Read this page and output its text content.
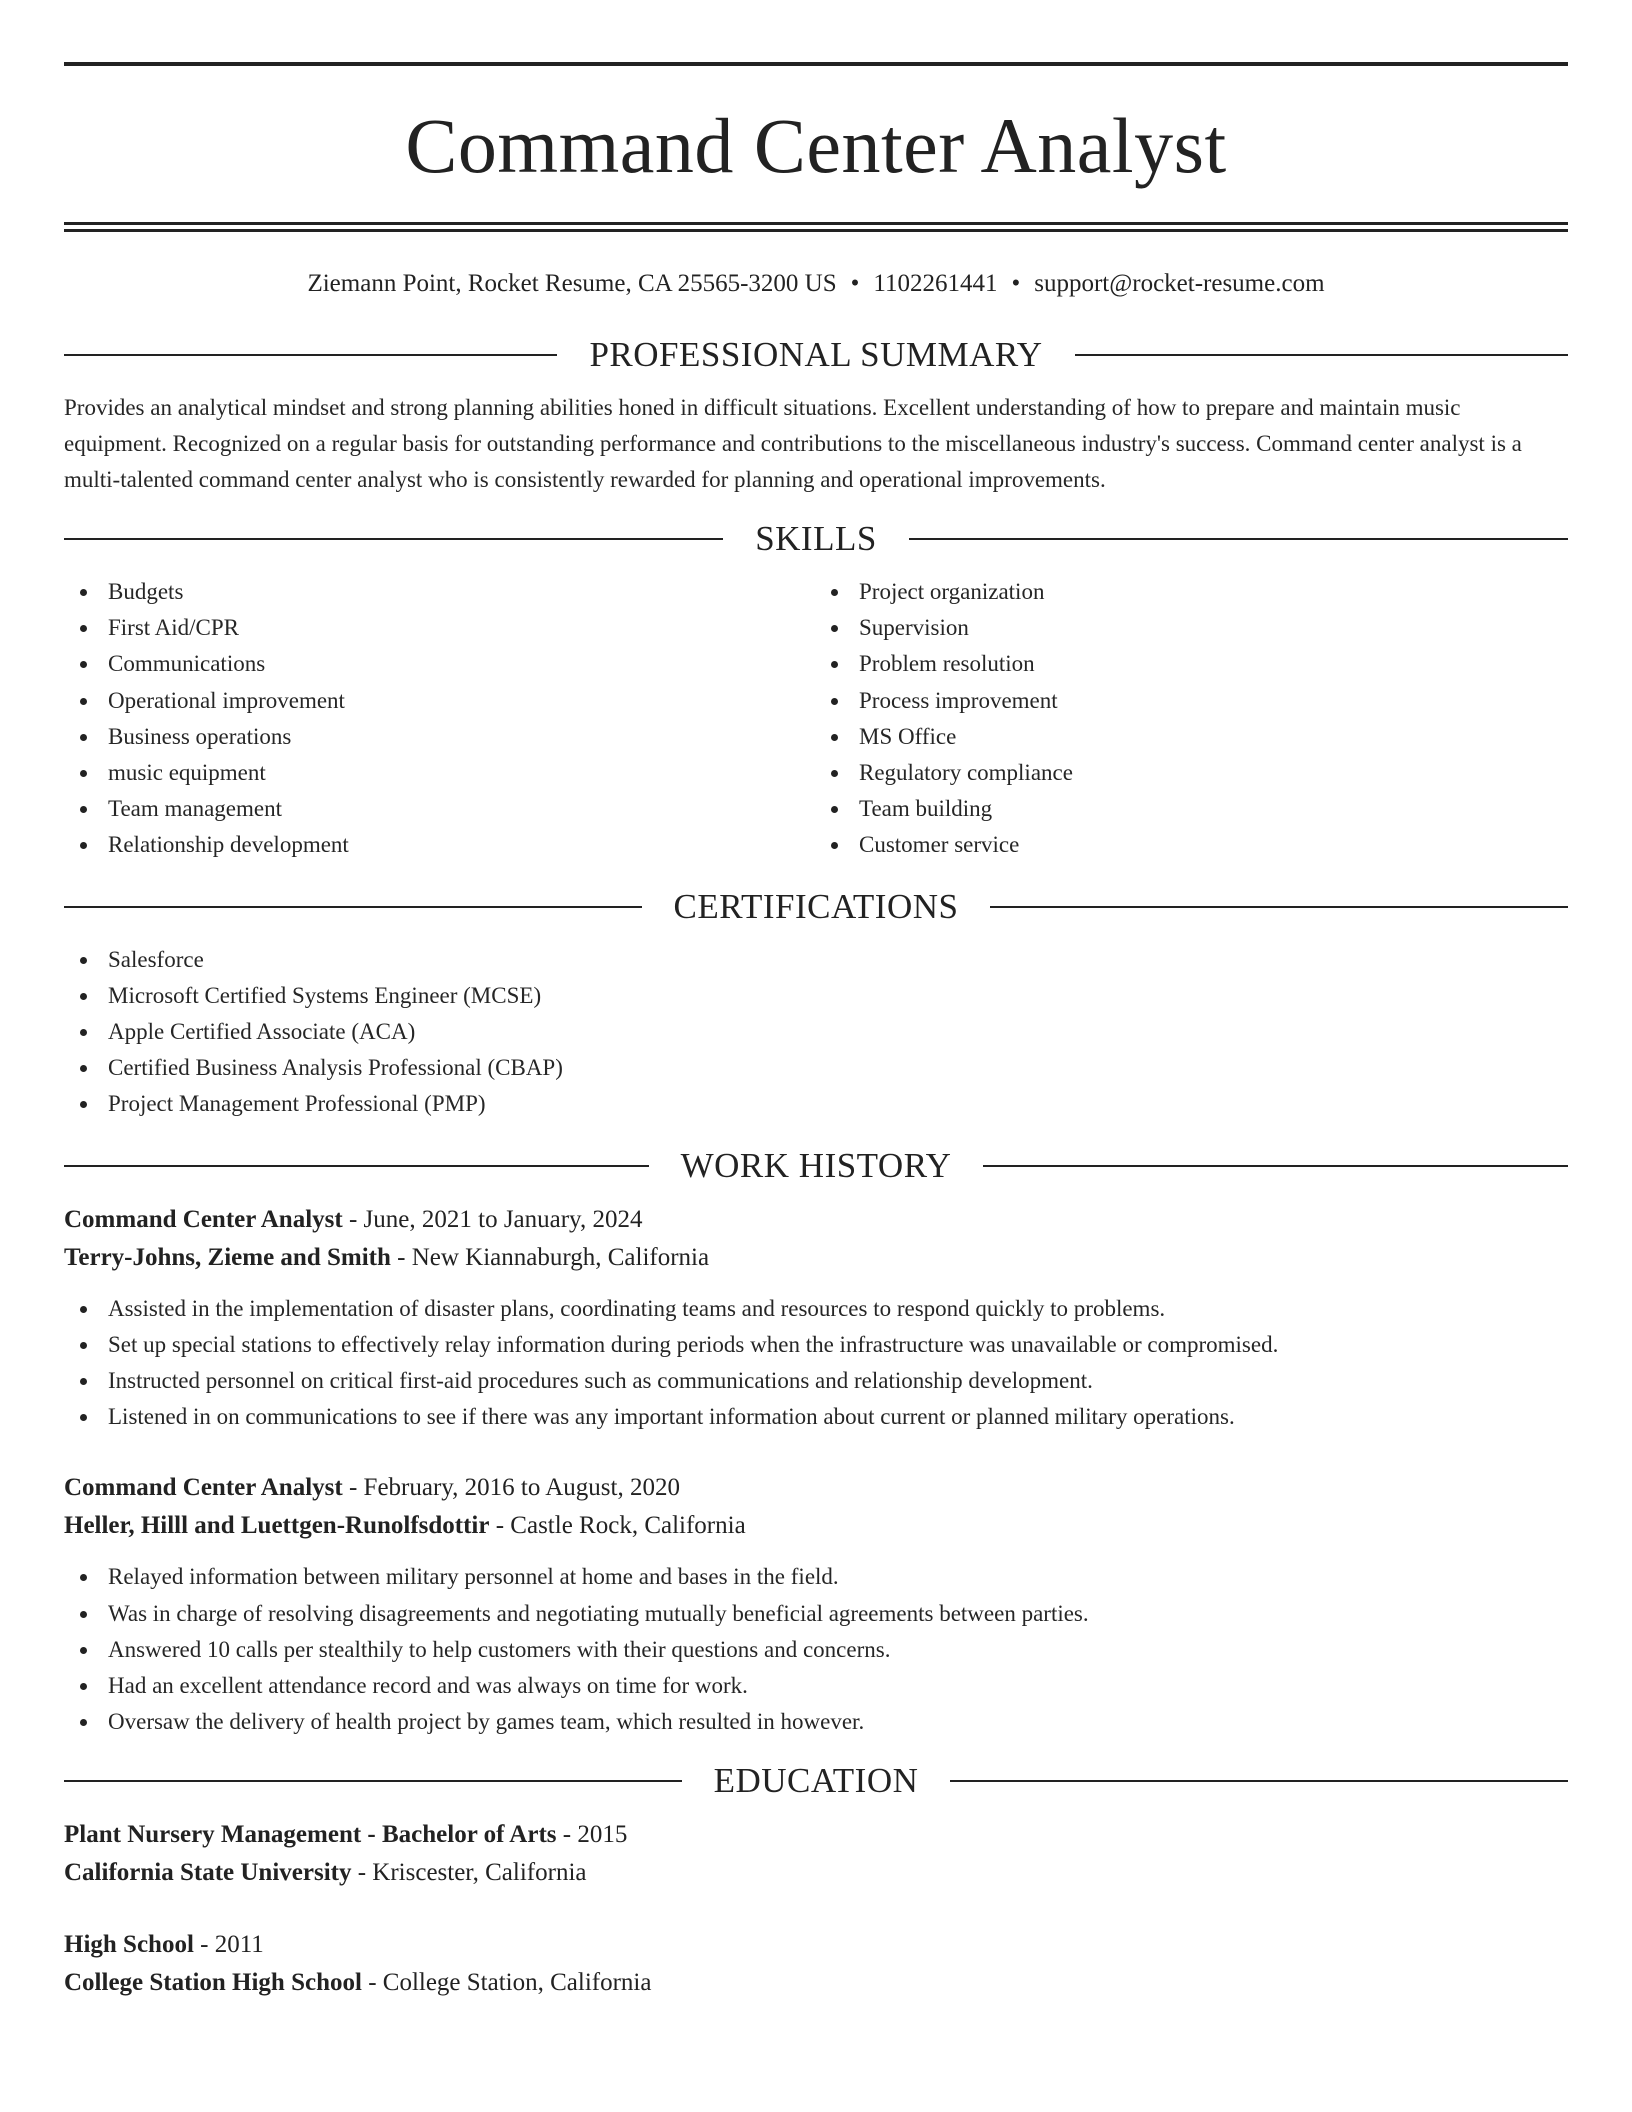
Command Center Analyst
Ziemann Point, Rocket Resume, CA 25565-3200 US • 1102261441 • support@rocket-resume.com
PROFESSIONAL SUMMARY

Provides an analytical mindset and strong planning abilities honed in difficult situations. Excellent understanding of how to prepare and maintain music equipment. Recognized on a regular basis for outstanding performance and contributions to the miscellaneous industry's success. Command center analyst is a multi-talented command center analyst who is consistently rewarded for planning and operational improvements.

SKILLS
Budgets
First Aid/CPR
Communications
Operational improvement
Business operations
music equipment
Team management
Relationship development
Project organization
Supervision
Problem resolution
Process improvement
MS Office
Regulatory compliance
Team building
Customer service
CERTIFICATIONS
Salesforce
Microsoft Certified Systems Engineer (MCSE)
Apple Certified Associate (ACA)
Certified Business Analysis Professional (CBAP)
Project Management Professional (PMP)
WORK HISTORY
Command Center Analyst - June, 2021 to January, 2024
Terry-Johns, Zieme and Smith - New Kiannaburgh, California
Assisted in the implementation of disaster plans, coordinating teams and resources to respond quickly to problems.
Set up special stations to effectively relay information during periods when the infrastructure was unavailable or compromised.
Instructed personnel on critical first-aid procedures such as communications and relationship development.
Listened in on communications to see if there was any important information about current or planned military operations.
Command Center Analyst - February, 2016 to August, 2020
Heller, Hilll and Luettgen-Runolfsdottir - Castle Rock, California
Relayed information between military personnel at home and bases in the field.
Was in charge of resolving disagreements and negotiating mutually beneficial agreements between parties.
Answered 10 calls per stealthily to help customers with their questions and concerns.
Had an excellent attendance record and was always on time for work.
Oversaw the delivery of health project by games team, which resulted in however.
EDUCATION
Plant Nursery Management - Bachelor of Arts - 2015
California State University - Kriscester, California
High School - 2011
College Station High School - College Station, California
